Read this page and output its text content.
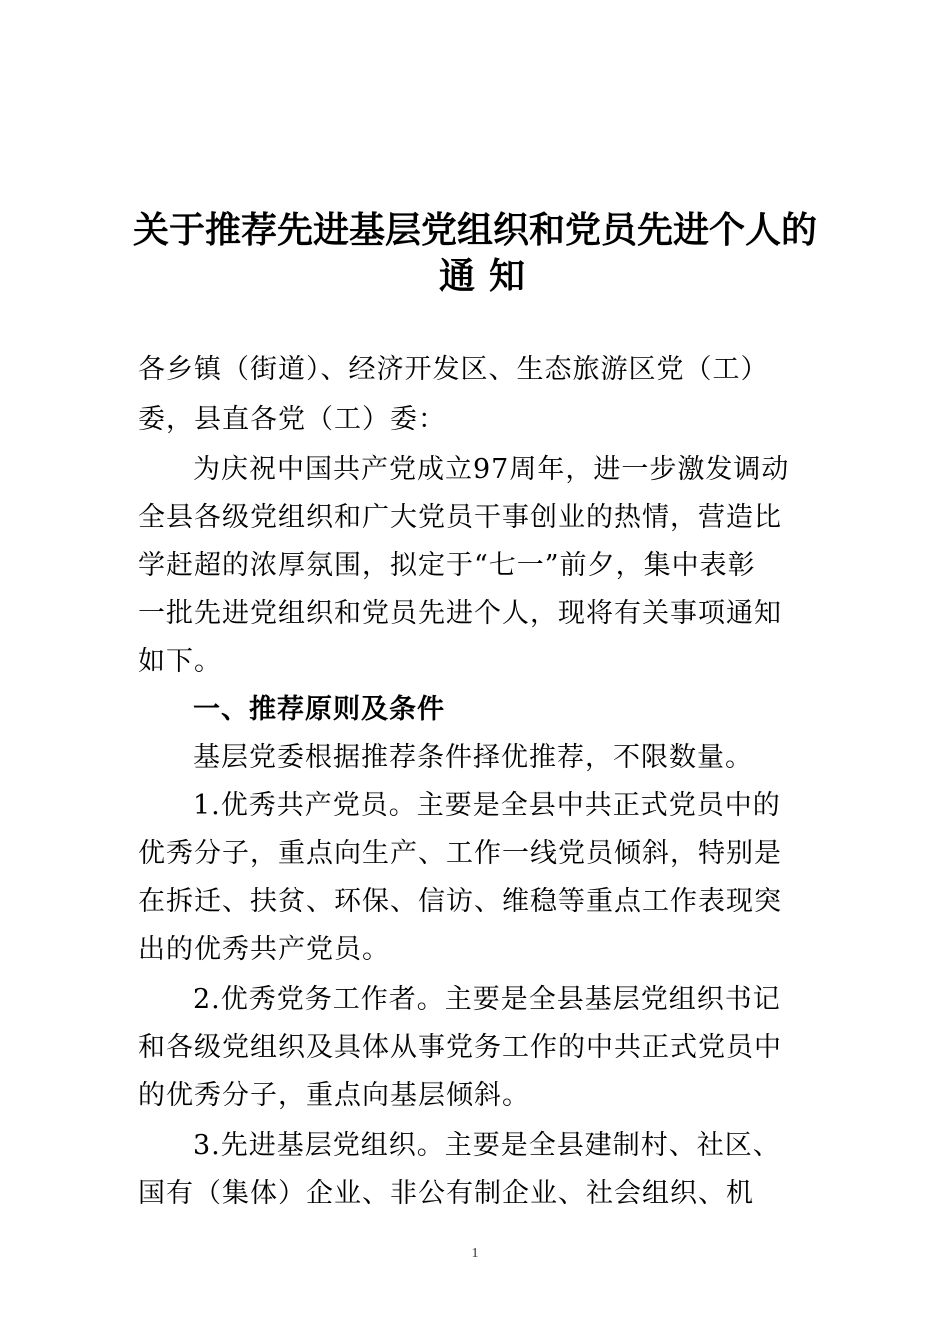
关于推荐先进基层党组织和党员先进个人的
通知
各乡镇（街道）、经济开发区、生态旅游区党（工）
委，县直各党（工）委：
为庆祝中国共产党成立97周年，进一步激发调动
全县各级党组织和广大党员干事创业的热情，营造比
学赶超的浓厚氛围，拟定于“七一”前夕，集中表彰
一批先进党组织和党员先进个人，现将有关事项通知
如下。
一、推荐原则及条件
基层党委根据推荐条件择优推荐，不限数量。
1.优秀共产党员。主要是全县中共正式党员中的
优秀分子，重点向生产、工作一线党员倾斜，特别是
在拆迁、扶贫、环保、信访、维稳等重点工作表现突
出的优秀共产党员。
2.优秀党务工作者。主要是全县基层党组织书记
和各级党组织及具体从事党务工作的中共正式党员中
的优秀分子，重点向基层倾斜。
3.先进基层党组织。主要是全县建制村、社区、
国有（集体）企业、非公有制企业、社会组织、机
1
